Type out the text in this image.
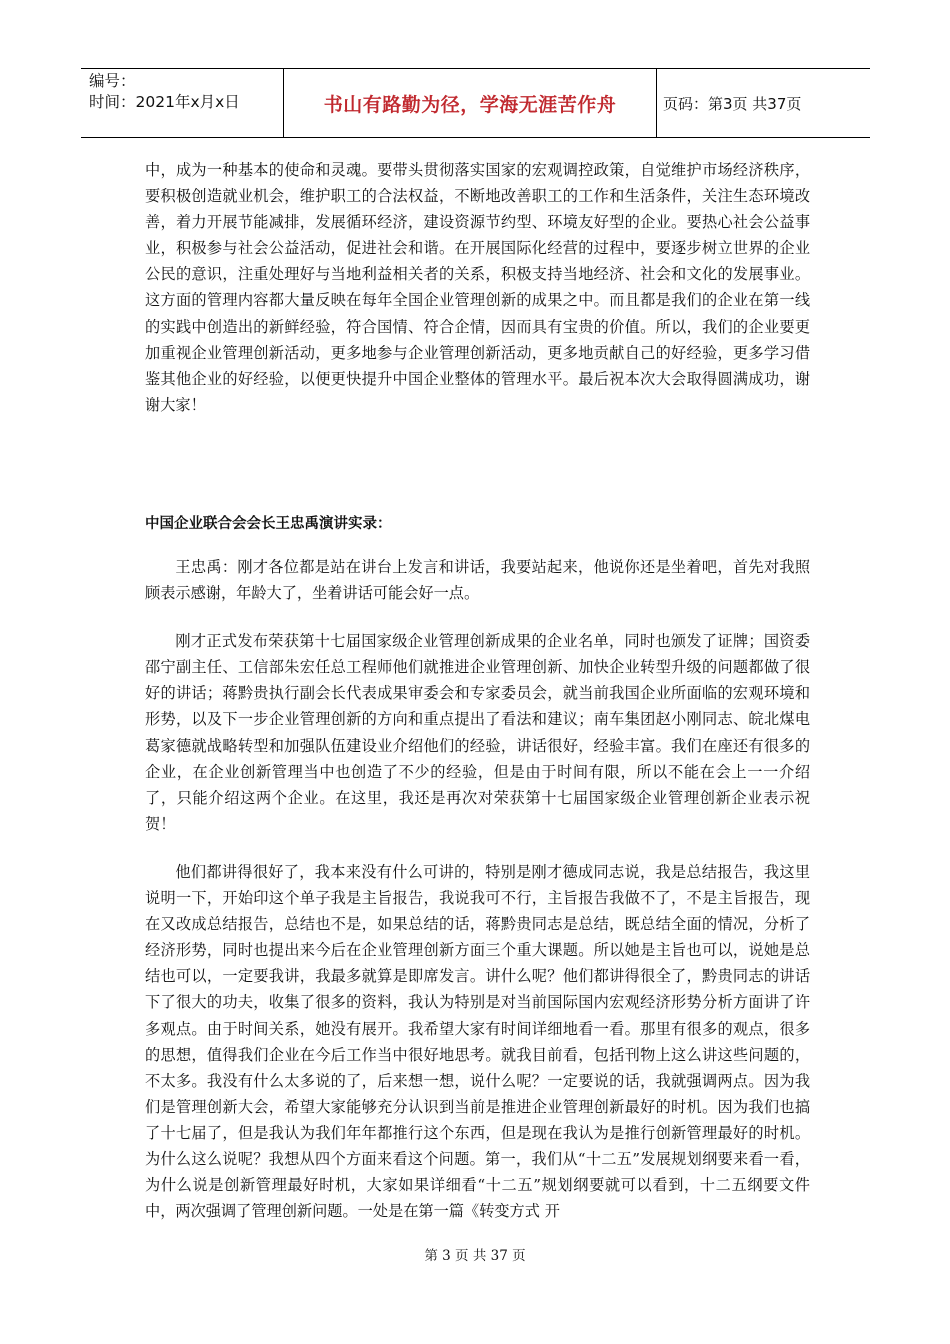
编号：
时间：2021年x月x日	书山有路勤为径，学海无涯苦作舟	页码：第3页 共37页

中，成为一种基本的使命和灵魂。要带头贯彻落实国家的宏观调控政策，自觉维护市场经济秩序，要积极创造就业机会，维护职工的合法权益，不断地改善职工的工作和生活条件，关注生态环境改善，着力开展节能减排，发展循环经济，建设资源节约型、环境友好型的企业。要热心社会公益事业，积极参与社会公益活动，促进社会和谐。在开展国际化经营的过程中，要逐步树立世界的企业公民的意识，注重处理好与当地利益相关者的关系，积极支持当地经济、社会和文化的发展事业。这方面的管理内容都大量反映在每年全国企业管理创新的成果之中。而且都是我们的企业在第一线的实践中创造出的新鲜经验，符合国情、符合企情，因而具有宝贵的价值。所以，我们的企业要更加重视企业管理创新活动，更多地参与企业管理创新活动，更多地贡献自己的好经验，更多学习借鉴其他企业的好经验，以便更快提升中国企业整体的管理水平。最后祝本次大会取得圆满成功，谢谢大家！

中国企业联合会会长王忠禹演讲实录：

王忠禹：刚才各位都是站在讲台上发言和讲话，我要站起来，他说你还是坐着吧，首先对我照顾表示感谢，年龄大了，坐着讲话可能会好一点。

刚才正式发布荣获第十七届国家级企业管理创新成果的企业名单，同时也颁发了证牌；国资委邵宁副主任、工信部朱宏任总工程师他们就推进企业管理创新、加快企业转型升级的问题都做了很好的讲话；蒋黔贵执行副会长代表成果审委会和专家委员会，就当前我国企业所面临的宏观环境和形势，以及下一步企业管理创新的方向和重点提出了看法和建议；南车集团赵小刚同志、皖北煤电葛家德就战略转型和加强队伍建设业介绍他们的经验，讲话很好，经验丰富。我们在座还有很多的企业，在企业创新管理当中也创造了不少的经验，但是由于时间有限，所以不能在会上一一介绍了，只能介绍这两个企业。在这里，我还是再次对荣获第十七届国家级企业管理创新企业表示祝贺！

他们都讲得很好了，我本来没有什么可讲的，特别是刚才德成同志说，我是总结报告，我这里说明一下，开始印这个单子我是主旨报告，我说我可不行，主旨报告我做不了，不是主旨报告，现在又改成总结报告，总结也不是，如果总结的话，蒋黔贵同志是总结，既总结全面的情况，分析了经济形势，同时也提出来今后在企业管理创新方面三个重大课题。所以她是主旨也可以，说她是总结也可以，一定要我讲，我最多就算是即席发言。讲什么呢？他们都讲得很全了，黔贵同志的讲话下了很大的功夫，收集了很多的资料，我认为特别是对当前国际国内宏观经济形势分析方面讲了许多观点。由于时间关系，她没有展开。我希望大家有时间详细地看一看。那里有很多的观点，很多的思想，值得我们企业在今后工作当中很好地思考。就我目前看，包括刊物上这么讲这些问题的，不太多。我没有什么太多说的了，后来想一想，说什么呢？一定要说的话，我就强调两点。因为我们是管理创新大会，希望大家能够充分认识到当前是推进企业管理创新最好的时机。因为我们也搞了十七届了，但是我认为我们年年都推行这个东西，但是现在我认为是推行创新管理最好的时机。为什么这么说呢？我想从四个方面来看这个问题。第一，我们从“十二五”发展规划纲要来看一看，为什么说是创新管理最好时机，大家如果详细看“十二五”规划纲要就可以看到，十二五纲要文件中，两次强调了管理创新问题。一处是在第一篇《转变方式 开

第 3 页 共 37 页
